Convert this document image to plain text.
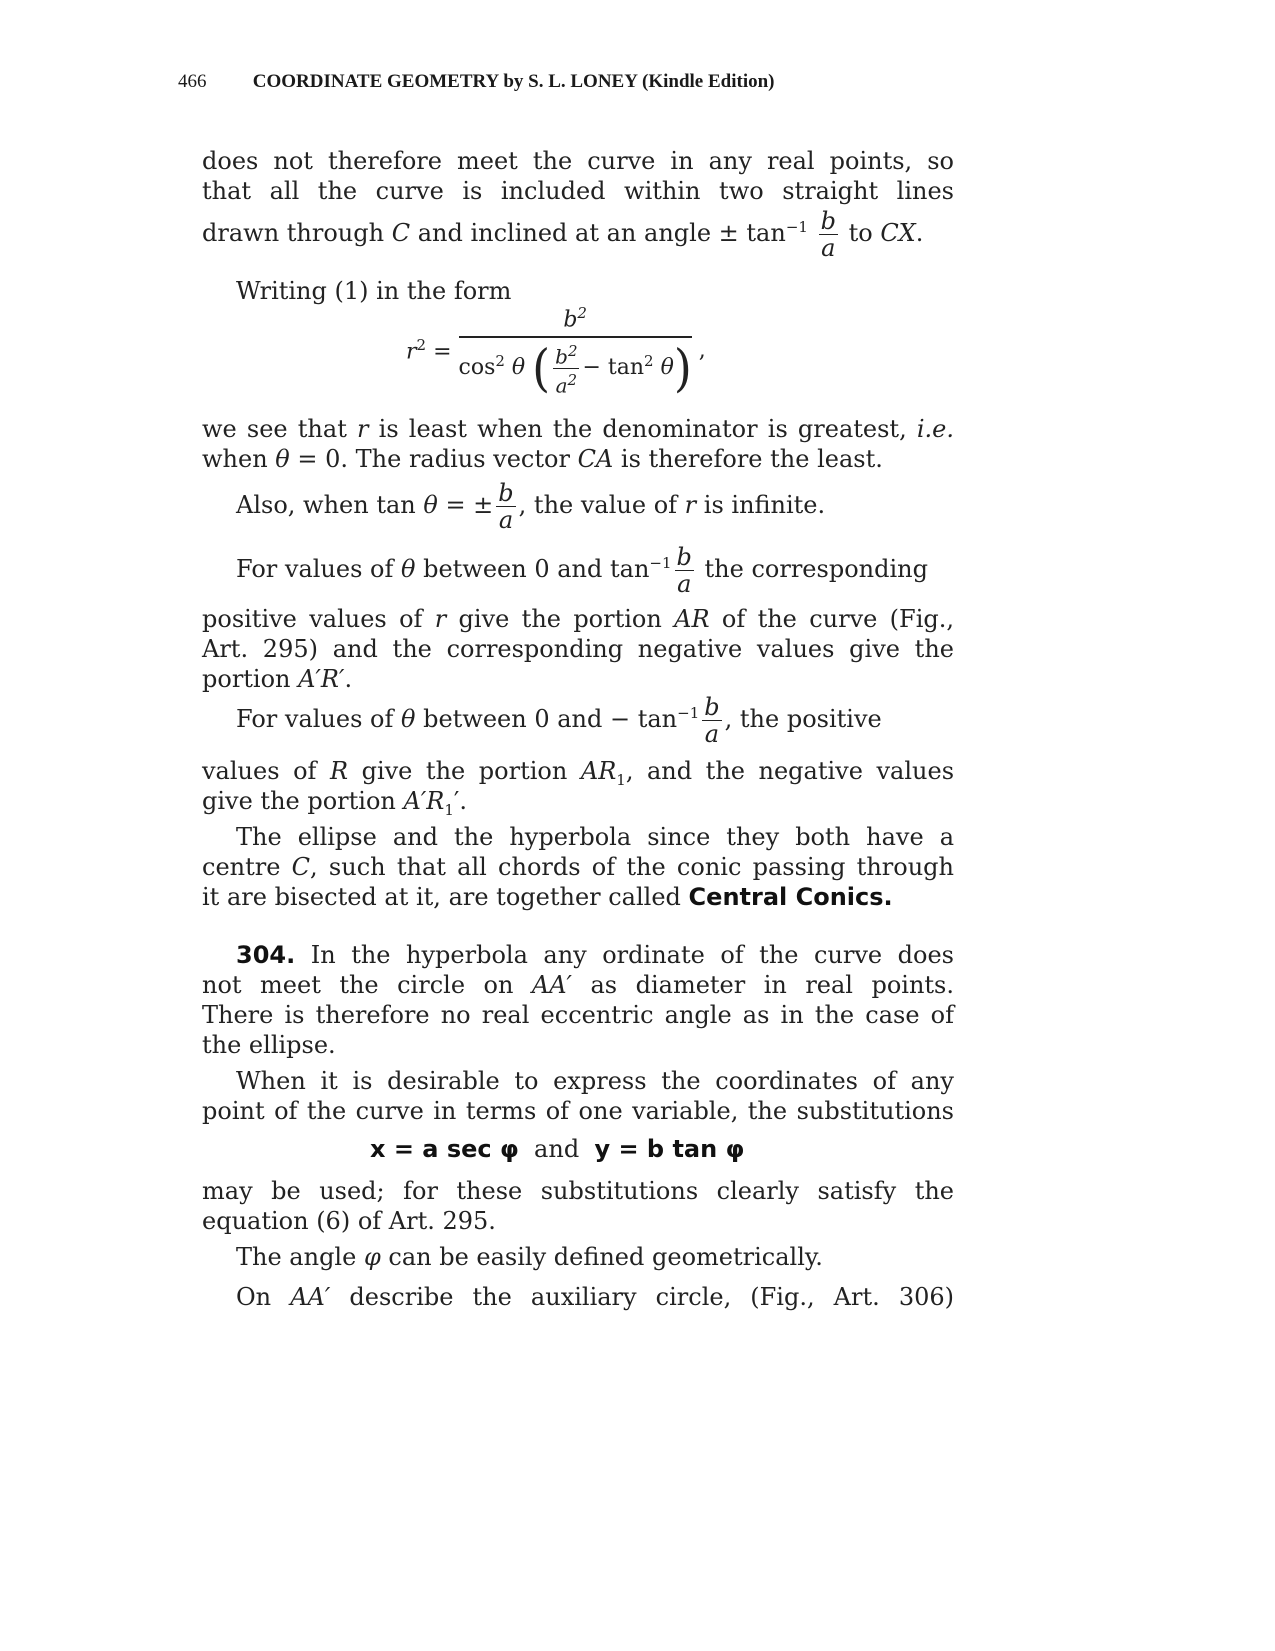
466 COORDINATE GEOMETRY by S. L. LONEY (Kindle Edition)
does not therefore meet the curve in any real points, so
that all the curve is included within two straight lines
drawn through C and inclined at an angle ± $\tan^{-1} \frac{b}{a}$ to CX.
Writing (1) in the form
$r^2 = \frac{b^2}{\cos^2 \theta ( \frac{b^2}{a^2} - \tan^2 \theta)}$ ,
we see that r is least when the denominator is greatest, i.e.
when θ = 0. The radius vector CA is therefore the least.
Also, when tan θ = ± $\frac{b}{a}$ , the value of r is infinite.
For values of θ between 0 and $\tan^{-1} \frac{b}{a}$ the corresponding
positive values of r give the portion AR of the curve (Fig.,
Art. 295) and the corresponding negative values give the
portion A′R′.
For values of θ between 0 and − $\tan^{-1} \frac{b}{a}$ , the positive
values of R give the portion $AR_1$, and the negative values
give the portion $A'R_1'$.
The ellipse and the hyperbola since they both have a
centre C, such that all chords of the conic passing through
it are bisected at it, are together called Central Conics.
304. In the hyperbola any ordinate of the curve does
not meet the circle on AA′ as diameter in real points.
There is therefore no real eccentric angle as in the case of
the ellipse.
When it is desirable to express the coordinates of any
point of the curve in terms of one variable, the substitutions
x = a sec φ and y = b tan φ
may be used; for these substitutions clearly satisfy the
equation (6) of Art. 295.
The angle φ can be easily defined geometrically.
On AA′ describe the auxiliary circle, (Fig., Art. 306)
